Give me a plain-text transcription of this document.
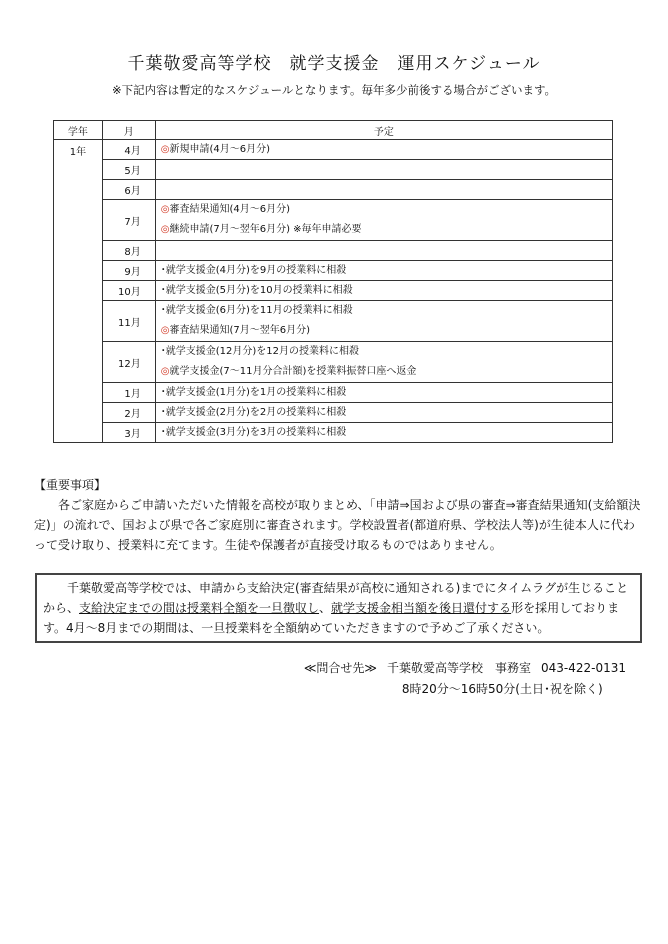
千葉敬愛高等学校　就学支援金　運用スケジュール
※下記内容は暫定的なスケジュールとなります。毎年多少前後する場合がございます。
学年	月	予定
1年	4月	◎新規申請(4月～6月分)

	5月	

	6月	

	7月	◎審査結果通知(4月～6月分)
◎継続申請(7月～翌年6月分) ※毎年申請必要

	8月	

	9月	･就学支援金(4月分)を9月の授業料に相殺

	10月	･就学支援金(5月分)を10月の授業料に相殺

	11月	･就学支援金(6月分)を11月の授業料に相殺
◎審査結果通知(7月～翌年6月分)

	12月	･就学支援金(12月分)を12月の授業料に相殺
◎就学支援金(7～11月分合計額)を授業料振替口座へ返金

	1月	･就学支援金(1月分)を1月の授業料に相殺

	2月	･就学支援金(2月分)を2月の授業料に相殺

	3月	･就学支援金(3月分)を3月の授業料に相殺
【重要事項】

各ご家庭からご申請いただいた情報を高校が取りまとめ、「申請⇒国および県の審査⇒審査結果通知(支給額決定)」の流れで、国および県で各ご家庭別に審査されます。学校設置者(都道府県、学校法人等)が生徒本人に代わって受け取り、授業料に充てます。生徒や保護者が直接受け取るものではありません。

千葉敬愛高等学校では、申請から支給決定(審査結果が高校に通知される)までにタイムラグが生じることから、支給決定までの間は授業料全額を一旦徴収し、就学支援金相当額を後日還付する形を採用しております。4月～8月までの期間は、一旦授業料を全額納めていただきますので予めご了承ください。
≪問合せ先≫ 千葉敬愛高等学校　事務室 043-422-0131
8時20分～16時50分(土日･祝を除く)
